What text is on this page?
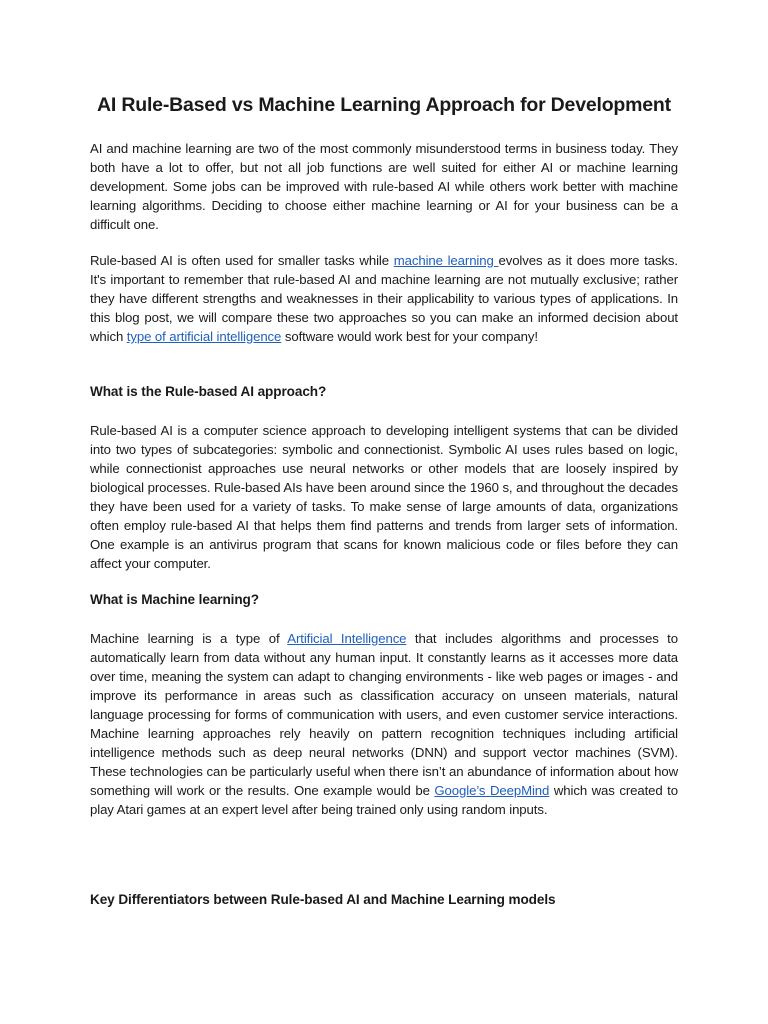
AI Rule-Based vs Machine Learning Approach for Development

AI and machine learning are two of the most commonly misunderstood terms in business today. They both have a lot to offer, but not all job functions are well suited for either AI or machine learning development. Some jobs can be improved with rule-based AI while others work better with machine learning algorithms. Deciding to choose either machine learning or AI for your business can be a difficult one.

Rule-based AI is often used for smaller tasks while machine learning evolves as it does more tasks. It's important to remember that rule-based AI and machine learning are not mutually exclusive; rather they have different strengths and weaknesses in their applicability to various types of applications. In this blog post, we will compare these two approaches so you can make an informed decision about which type of artificial intelligence software would work best for your company!

What is the Rule-based AI approach?

Rule-based AI is a computer science approach to developing intelligent systems that can be divided into two types of subcategories: symbolic and connectionist. Symbolic AI uses rules based on logic, while connectionist approaches use neural networks or other models that are loosely inspired by biological processes. Rule-based AIs have been around since the 1960 s, and throughout the decades they have been used for a variety of tasks. To make sense of large amounts of data, organizations often employ rule-based AI that helps them find patterns and trends from larger sets of information. One example is an antivirus program that scans for known malicious code or files before they can affect your computer.

What is Machine learning?

Machine learning is a type of Artificial Intelligence that includes algorithms and processes to automatically learn from data without any human input. It constantly learns as it accesses more data over time, meaning the system can adapt to changing environments - like web pages or images - and improve its performance in areas such as classification accuracy on unseen materials, natural language processing for forms of communication with users, and even customer service interactions. Machine learning approaches rely heavily on pattern recognition techniques including artificial intelligence methods such as deep neural networks (DNN) and support vector machines (SVM). These technologies can be particularly useful when there isn’t an abundance of information about how something will work or the results. One example would be Google’s DeepMind which was created to play Atari games at an expert level after being trained only using random inputs.

Key Differentiators between Rule-based AI and Machine Learning models
